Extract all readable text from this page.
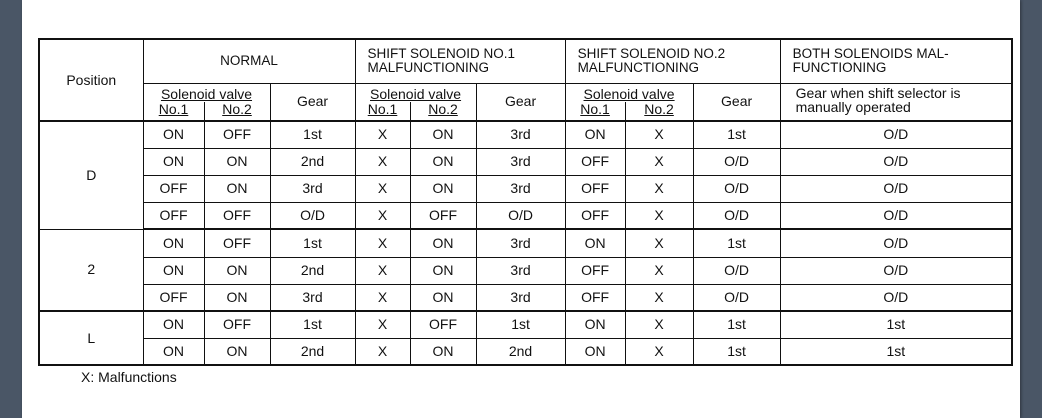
Position	NORMAL			SHIFT SOLENOID NO.1
MALFUNCTIONING			SHIFT SOLENOID NO.2
MALFUNCTIONING			BOTH SOLENOIDS MAL-
FUNCTIONING

	Solenoid valve		Gear	Solenoid valve		Gear	Solenoid valve		Gear	Gear when shift selector is
manually operated

	No.1	No.2		No.1	No.2		No.1	No.2		
D	ON	OFF	1st	X	ON	3rd	ON	X	1st	O/D
	ON	ON	2nd	X	ON	3rd	OFF	X	O/D	O/D
	OFF	ON	3rd	X	ON	3rd	OFF	X	O/D	O/D
	OFF	OFF	O/D	X	OFF	O/D	OFF	X	O/D	O/D
2	ON	OFF	1st	X	ON	3rd	ON	X	1st	O/D
	ON	ON	2nd	X	ON	3rd	OFF	X	O/D	O/D
	OFF	ON	3rd	X	ON	3rd	OFF	X	O/D	O/D
L	ON	OFF	1st	X	OFF	1st	ON	X	1st	1st
	ON	ON	2nd	X	ON	2nd	ON	X	1st	1st
X: Malfunctions
